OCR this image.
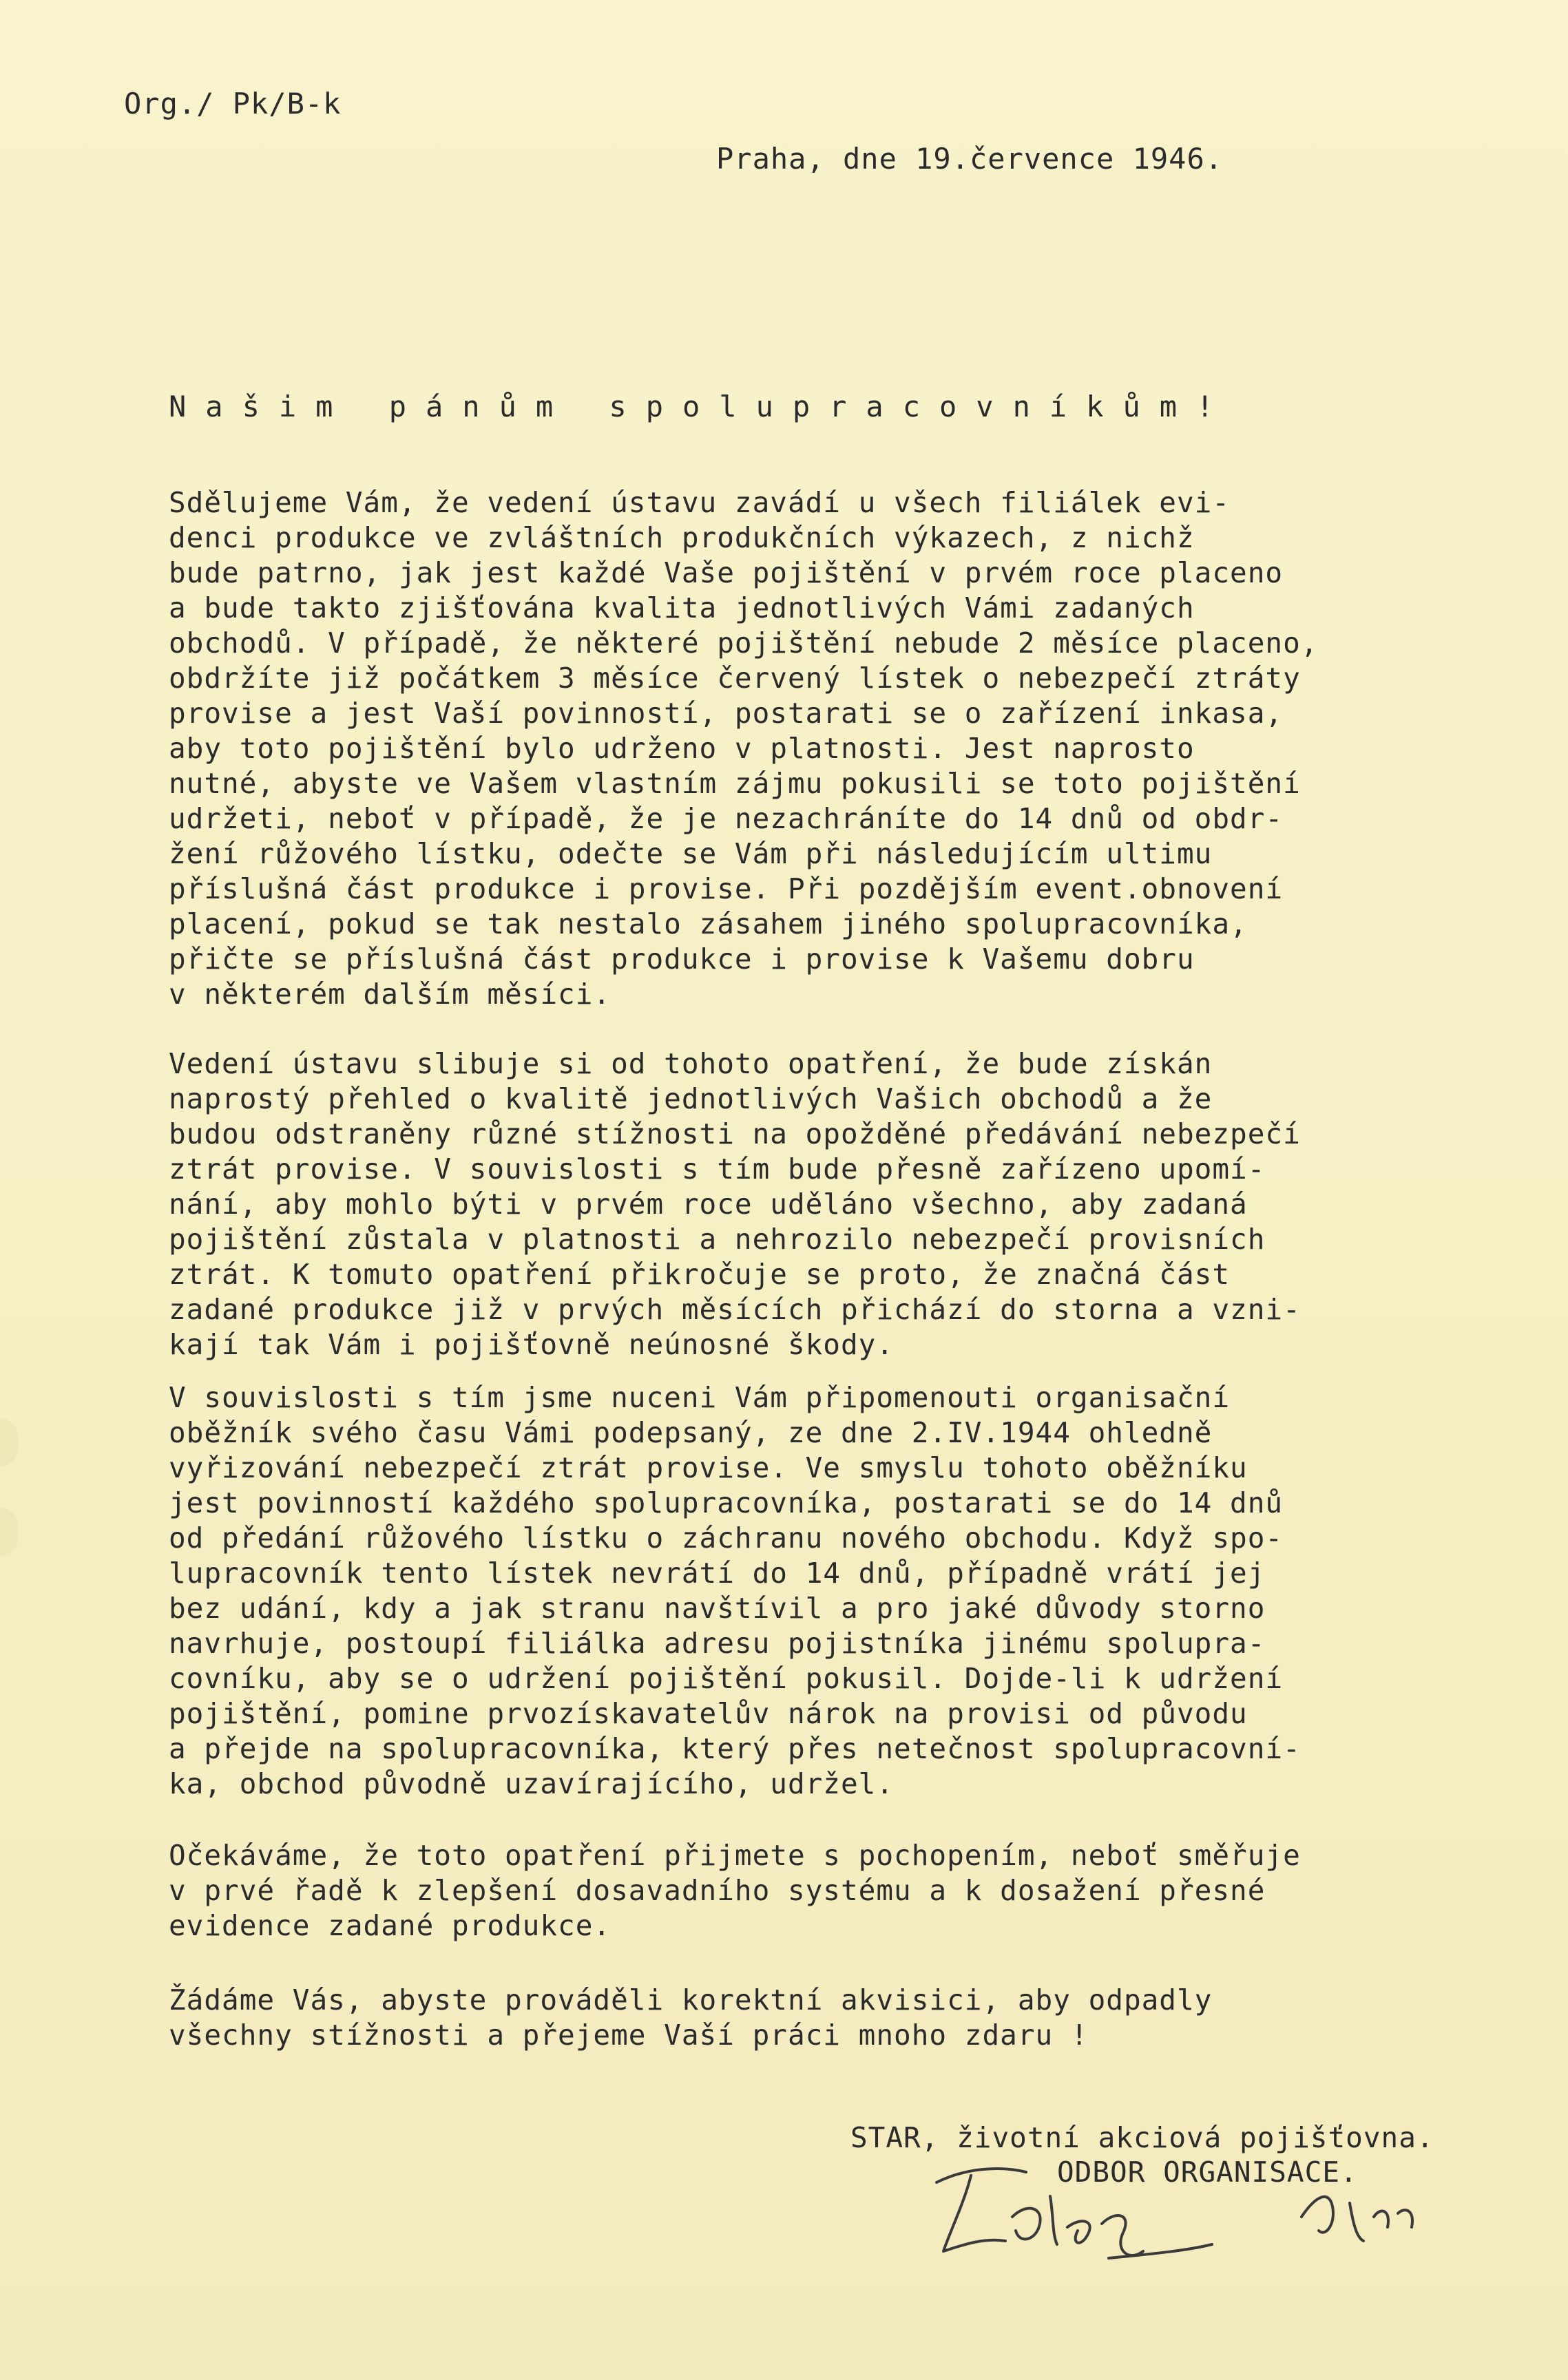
Org./ Pk/B-k
Praha, dne 19.července 1946.
Našim pánům spolupracovníkům!
Sdělujeme Vám, že vedení ústavu zavádí u všech filiálek evi-
denci produkce ve zvláštních produkčních výkazech, z nichž
bude patrno, jak jest každé Vaše pojištění v prvém roce placeno
a bude takto zjišťována kvalita jednotlivých Vámi zadaných
obchodů. V případě, že některé pojištění nebude 2 měsíce placeno,
obdržíte již počátkem 3 měsíce červený lístek o nebezpečí ztráty
provise a jest Vaší povinností, postarati se o zařízení inkasa,
aby toto pojištění bylo udrženo v platnosti. Jest naprosto
nutné, abyste ve Vašem vlastním zájmu pokusili se toto pojištění
udržeti, neboť v případě, že je nezachráníte do 14 dnů od obdr-
žení růžového lístku, odečte se Vám při následujícím ultimu
příslušná část produkce i provise. Při pozdějším event.obnovení
placení, pokud se tak nestalo zásahem jiného spolupracovníka,
přičte se příslušná část produkce i provise k Vašemu dobru
v některém dalším měsíci.
Vedení ústavu slibuje si od tohoto opatření, že bude získán
naprostý přehled o kvalitě jednotlivých Vašich obchodů a že
budou odstraněny různé stížnosti na opožděné předávání nebezpečí
ztrát provise. V souvislosti s tím bude přesně zařízeno upomí-
nání, aby mohlo býti v prvém roce uděláno všechno, aby zadaná
pojištění zůstala v platnosti a nehrozilo nebezpečí provisních
ztrát. K tomuto opatření přikročuje se proto, že značná část
zadané produkce již v prvých měsících přichází do storna a vzni-
kají tak Vám i pojišťovně neúnosné škody.
V souvislosti s tím jsme nuceni Vám připomenouti organisační
oběžník svého času Vámi podepsaný, ze dne 2.IV.1944 ohledně
vyřizování nebezpečí ztrát provise. Ve smyslu tohoto oběžníku
jest povinností každého spolupracovníka, postarati se do 14 dnů
od předání růžového lístku o záchranu nového obchodu. Když spo-
lupracovník tento lístek nevrátí do 14 dnů, případně vrátí jej
bez udání, kdy a jak stranu navštívil a pro jaké důvody storno
navrhuje, postoupí filiálka adresu pojistníka jinému spolupra-
covníku, aby se o udržení pojištění pokusil. Dojde-li k udržení
pojištění, pomine prvozískavatelův nárok na provisi od původu
a přejde na spolupracovníka, který přes netečnost spolupracovní-
ka, obchod původně uzavírajícího, udržel.
Očekáváme, že toto opatření přijmete s pochopením, neboť směřuje
v prvé řadě k zlepšení dosavadního systému a k dosažení přesné
evidence zadané produkce.
Žádáme Vás, abyste prováděli korektní akvisici, aby odpadly
všechny stížnosti a přejeme Vaší práci mnoho zdaru !
STAR, životní akciová pojišťovna.
ODBOR ORGANISACE.
